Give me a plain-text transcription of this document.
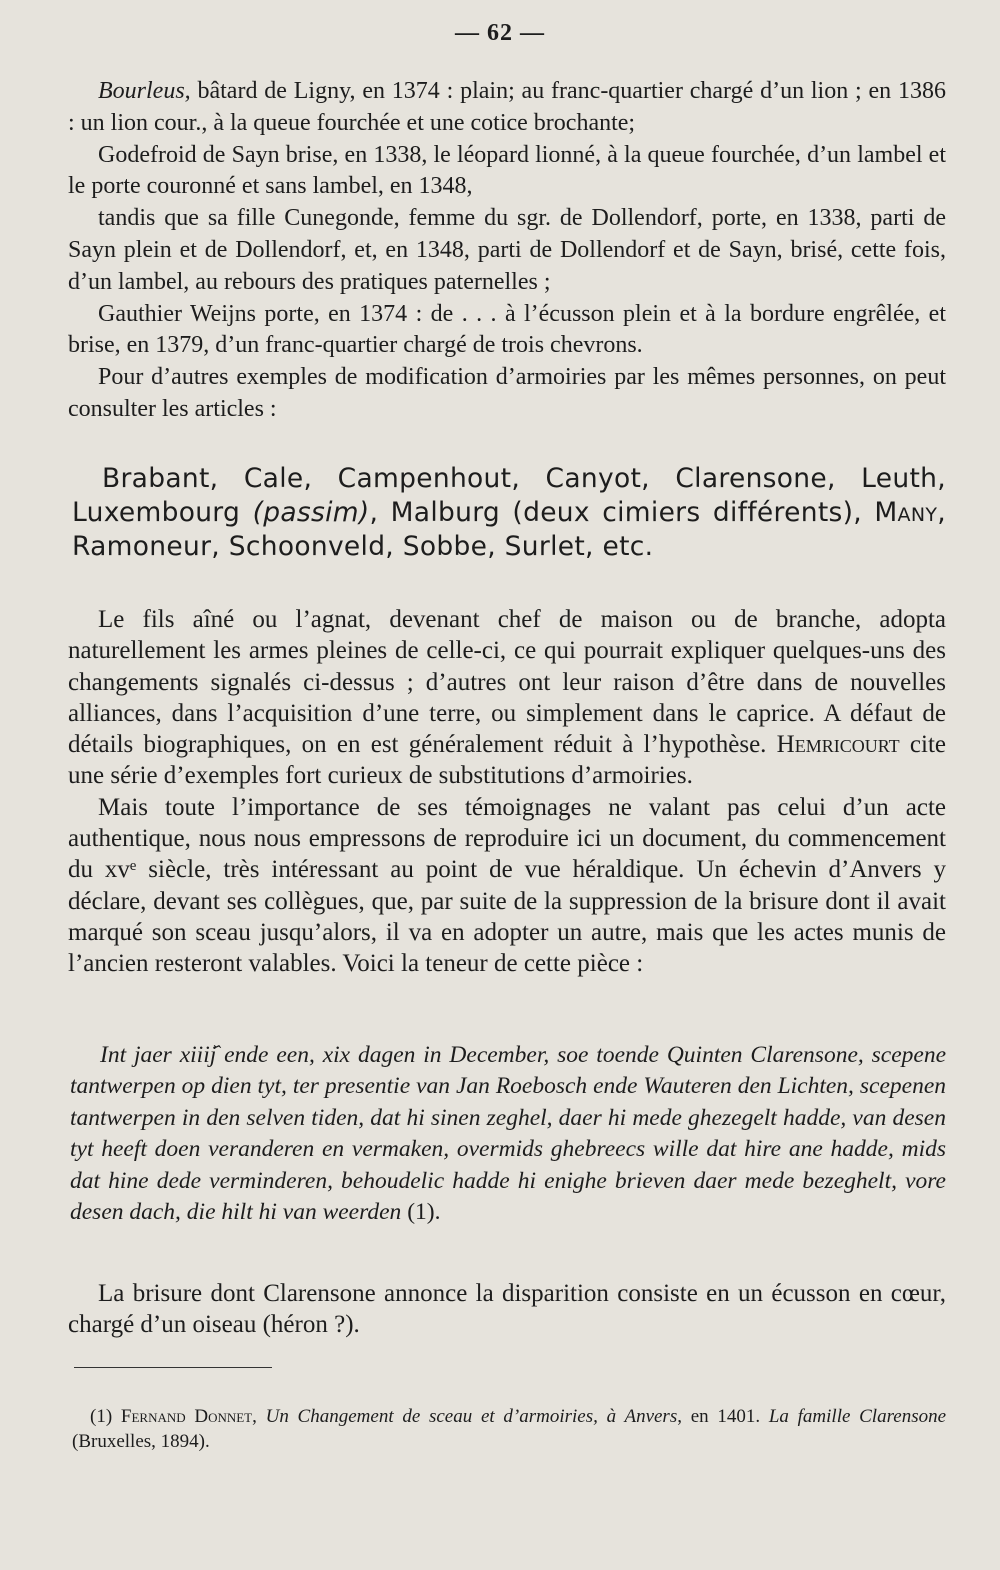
— 62 —

Bourleus, bâtard de Ligny, en 1374 : plain; au franc-quartier chargé d’un lion ; en 1386 : un lion cour., à la queue fourchée et une cotice brochante;

Godefroid de Sayn brise, en 1338, le léopard lionné, à la queue fourchée, d’un lambel et le porte couronné et sans lambel, en 1348,

tandis que sa fille Cunegonde, femme du sgr. de Dollendorf, porte, en 1338, parti de Sayn plein et de Dollendorf, et, en 1348, parti de Dollendorf et de Sayn, brisé, cette fois, d’un lambel, au rebours des pratiques paternelles ;

Gauthier Weijns porte, en 1374 : de . . . à l’écusson plein et à la bordure engrêlée, et brise, en 1379, d’un franc-quartier chargé de trois chevrons.

Pour d’autres exemples de modification d’armoiries par les mêmes personnes, on peut consulter les articles :

Brabant, Cale, Campenhout, Canyot, Clarensone, Leuth, Luxembourg (passim), Malburg (deux cimiers différents), Many, Ramoneur, Schoonveld, Sobbe, Surlet, etc.

Le fils aîné ou l’agnat, devenant chef de maison ou de branche, adopta naturellement les armes pleines de celle-ci, ce qui pourrait expliquer quelques-uns des changements signalés ci-dessus ; d’autres ont leur raison d’être dans de nouvelles alliances, dans l’acquisition d’une terre, ou simplement dans le caprice. A défaut de détails biographiques, on en est généralement réduit à l’hypothèse. Hemricourt cite une série d’exemples fort curieux de substitutions d’armoiries.

Mais toute l’importance de ses témoignages ne valant pas celui d’un acte authentique, nous nous empressons de reproduire ici un document, du commencement du xvᵉ siècle, très intéressant au point de vue héraldique. Un échevin d’Anvers y déclare, devant ses collègues, que, par suite de la suppression de la brisure dont il avait marqué son sceau jusqu’alors, il va en adopter un autre, mais que les actes munis de l’ancien resteront valables. Voici la teneur de cette pièce :

Int jaer xiiij᷈ ende een, xix dagen in December, soe toende Quinten Clarensone, scepene tantwerpen op dien tyt, ter presentie van Jan Roebosch ende Wauteren den Lichten, scepenen tantwerpen in den selven tiden, dat hi sinen zeghel, daer hi mede ghezegelt hadde, van desen tyt heeft doen veranderen en vermaken, overmids ghebreecs wille dat hire ane hadde, mids dat hine dede verminderen, behoudelic hadde hi enighe brieven daer mede bezeghelt, vore desen dach, die hilt hi van weerden (1).

La brisure dont Clarensone annonce la disparition consiste en un écusson en cœur, chargé d’un oiseau (héron ?).

(1) Fernand Donnet, Un Changement de sceau et d’armoiries, à Anvers, en 1401. La famille Clarensone (Bruxelles, 1894).
